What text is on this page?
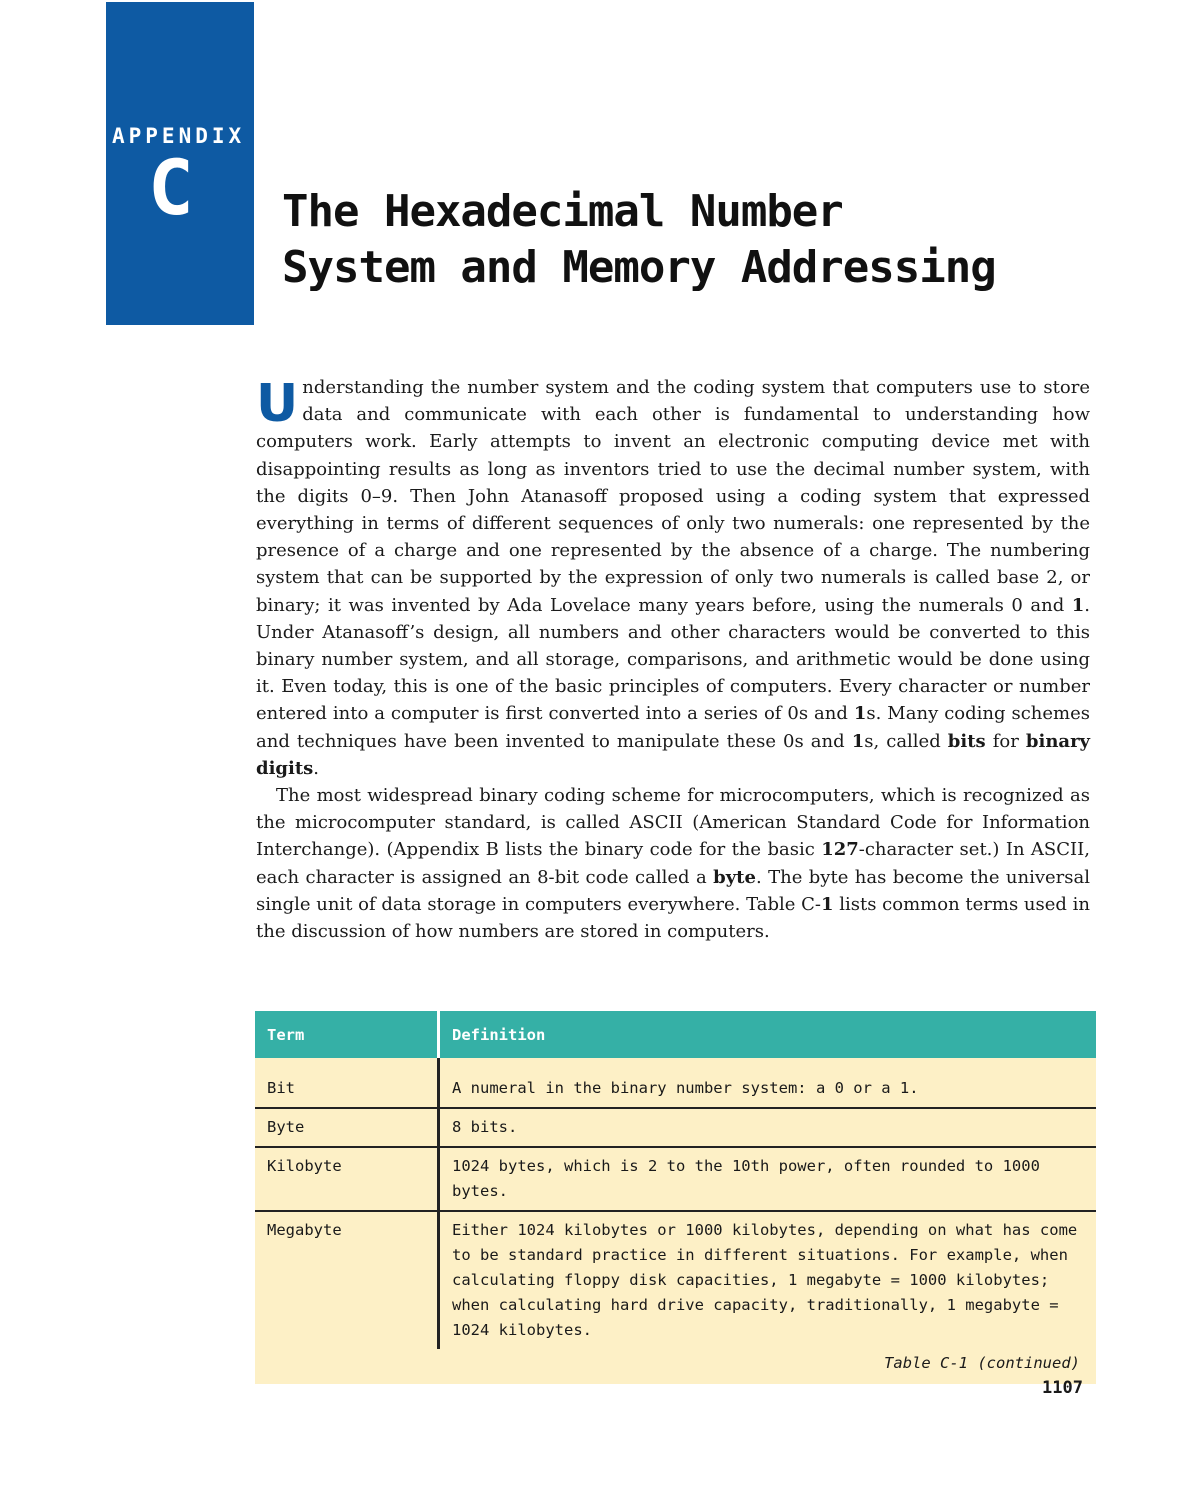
APPENDIX
C The Hexadecimal Number
System and Memory Addressing

Understanding the number system and the coding system that computers use to store data and communicate with each other is fundamental to understanding how computers work. Early attempts to invent an electronic computing device met with disappointing results as long as inventors tried to use the decimal number system, with the digits 0–9. Then John Atanasoff proposed using a coding system that expressed everything in terms of different sequences of only two numerals: one represented by the presence of a charge and one represented by the absence of a charge. The numbering system that can be supported by the expression of only two numerals is called base 2, or binary; it was invented by Ada Lovelace many years before, using the numerals 0 and 1. Under Atanasoff’s design, all numbers and other characters would be converted to this binary number system, and all storage, comparisons, and arithmetic would be done using it. Even today, this is one of the basic principles of computers. Every character or number entered into a computer is first converted into a series of 0s and 1s. Many coding schemes and techniques have been invented to manipulate these 0s and 1s, called bits for binary digits.

The most widespread binary coding scheme for microcomputers, which is recognized as the microcomputer standard, is called ASCII (American Standard Code for Information Interchange). (Appendix B lists the binary code for the basic 127-character set.) In ASCII, each character is assigned an 8-bit code called a byte. The byte has become the universal single unit of data storage in computers everywhere. Table C-1 lists common terms used in the discussion of how numbers are stored in computers.

Term	Definition
Bit	A numeral in the binary number system: a 0 or a 1.
Byte	8 bits.
Kilobyte	1024 bytes, which is 2 to the 10th power, often rounded to 1000 bytes.
Megabyte	Either 1024 kilobytes or 1000 kilobytes, depending on what has come to be standard practice in different situations. For example, when calculating floppy disk capacities, 1 megabyte = 1000 kilobytes; when calculating hard drive capacity, traditionally, 1 megabyte = 1024 kilobytes.
Table C-1 (continued)	
1107
